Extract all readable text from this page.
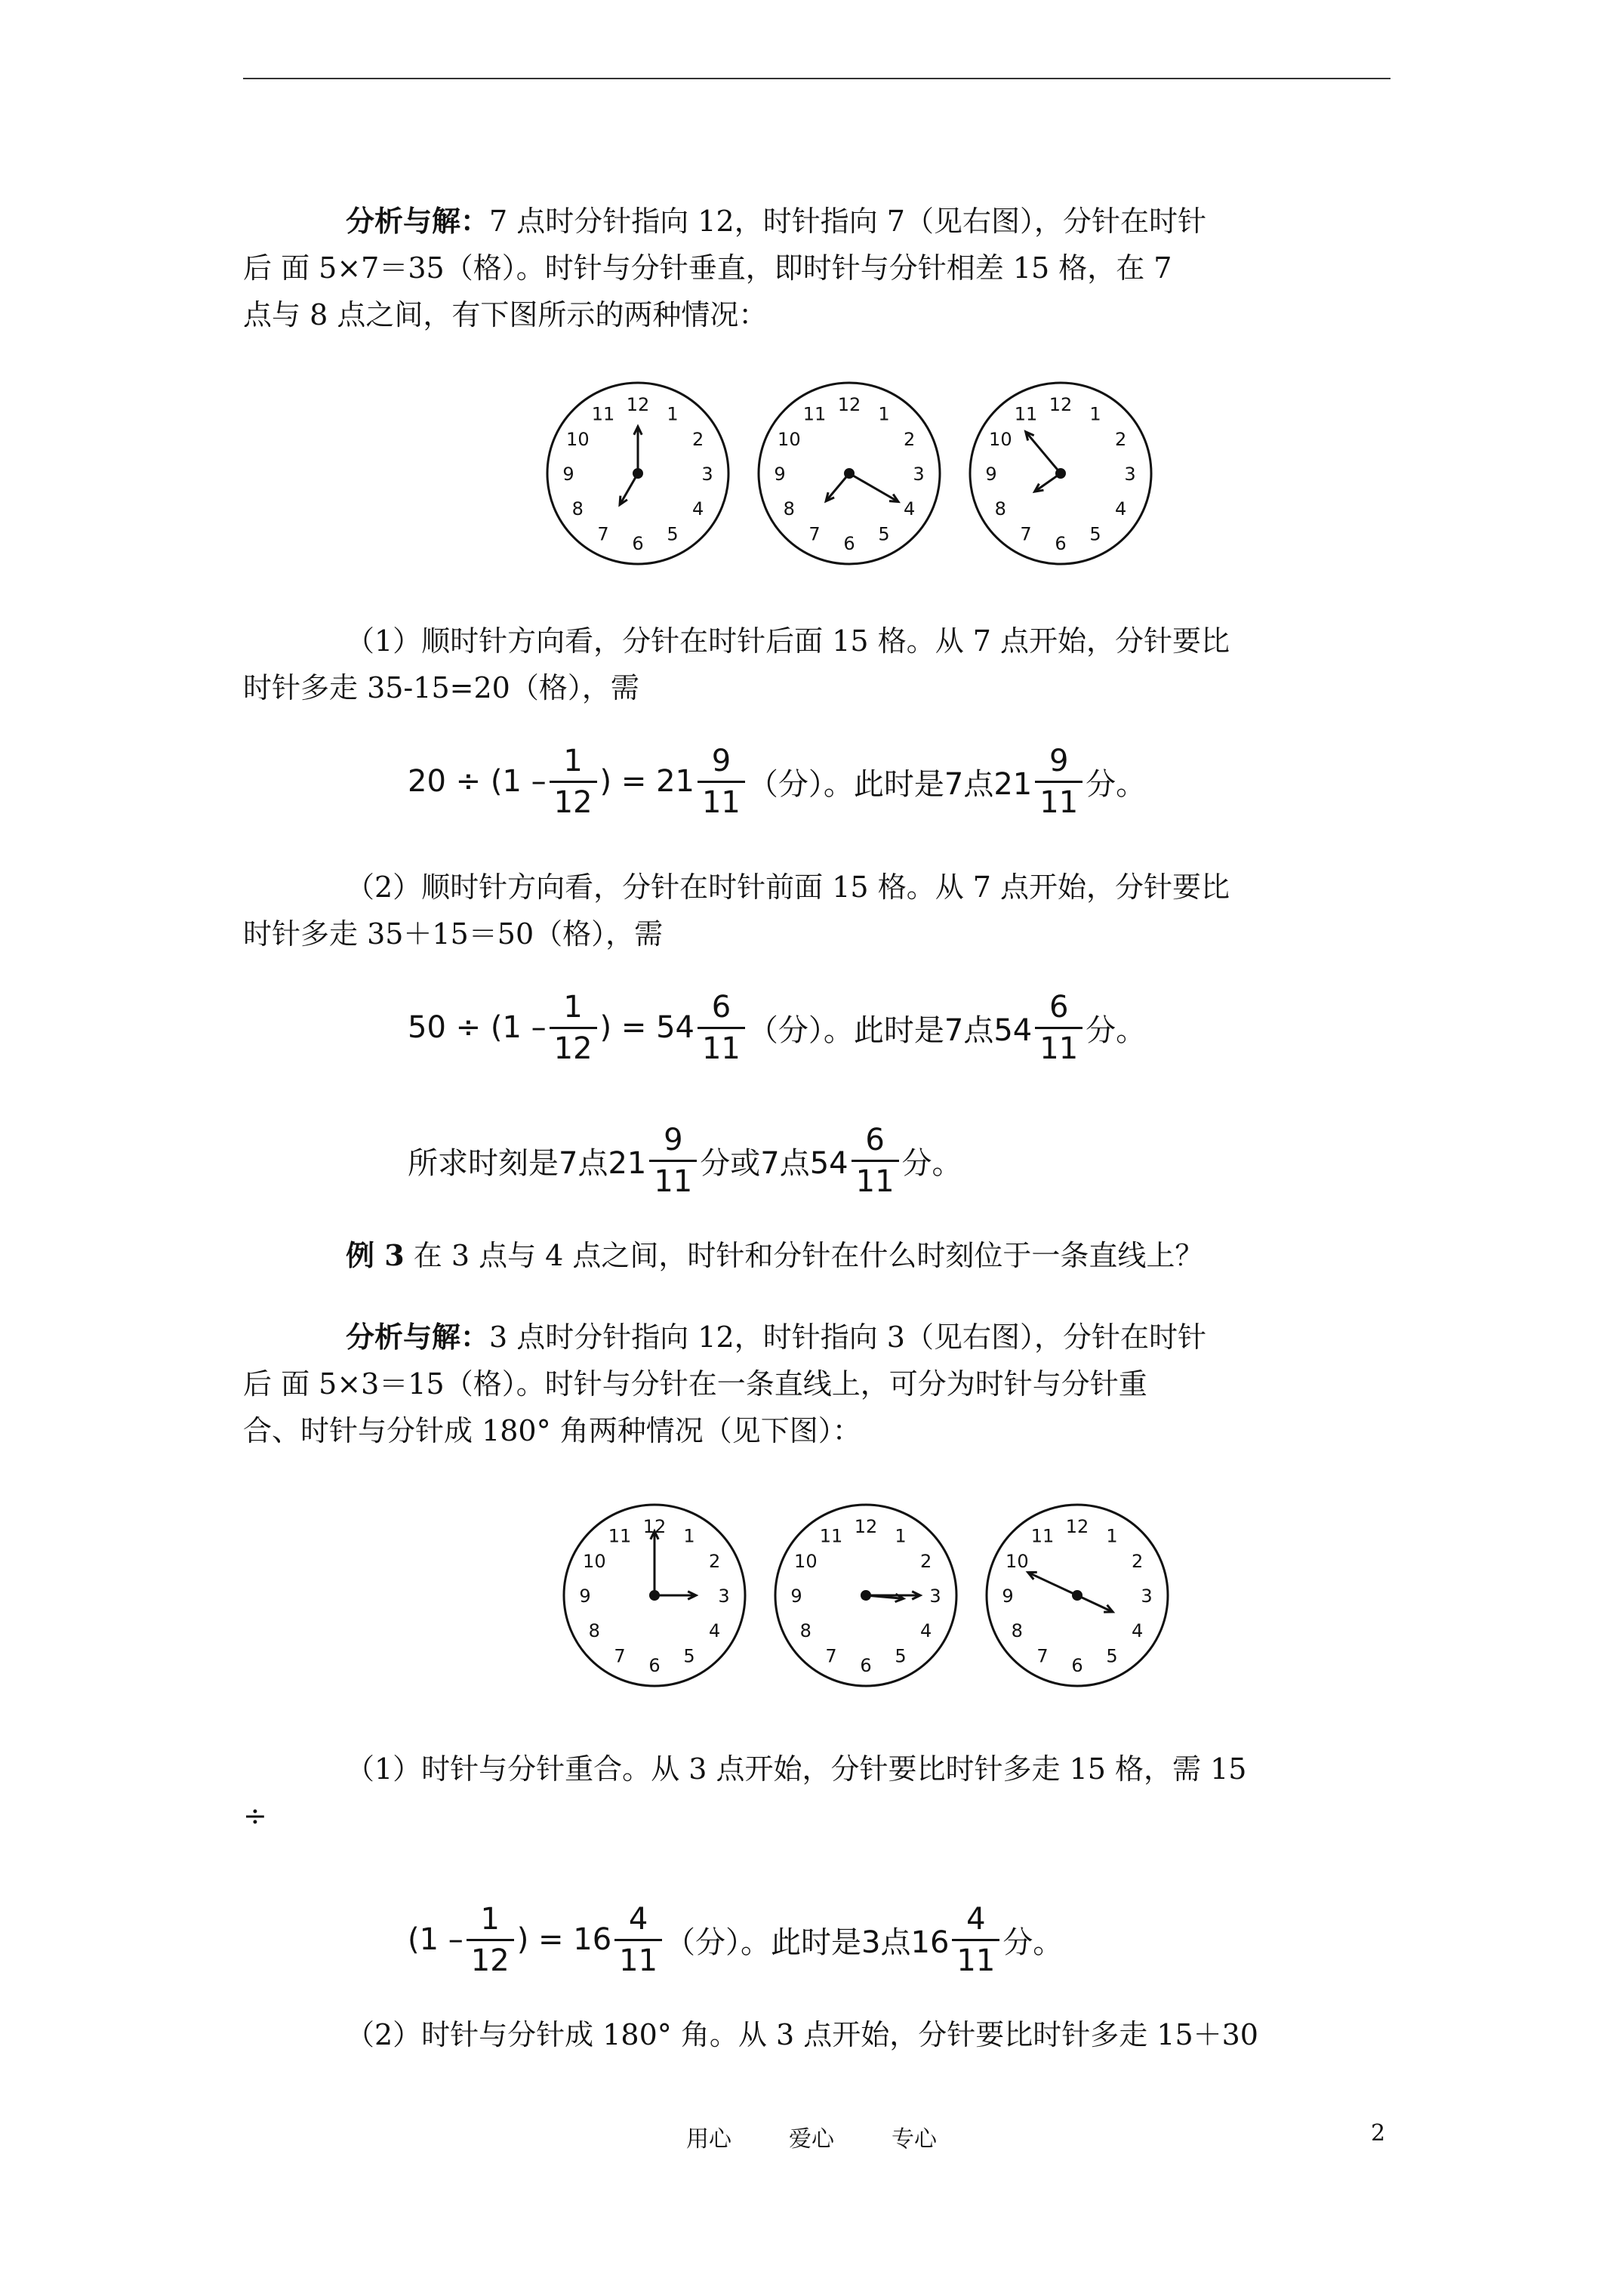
分析与解：7 点时分针指向 12，时针指向 7（见右图），分针在时针
后 面 5×7＝35（格）。时针与分针垂直，即时针与分针相差 15 格，在 7
点与 8 点之间，有下图所示的两种情况：

12 1
2
3
4
5
6
7
8
9
10
11	12 1
2
3
4
5
6
7
8
9
10
11	12 1
2
3
4
5
6
7
8
9
10
11

（1）顺时针方向看，分针在时针后面 15 格。从 7 点开始，分针要比
时针多走 35-15=20（格），需

$20 \div (1 - \frac{1}{12}$ ) = $21 \frac{9}{11}$ （分）。此时是7点$21 \frac{9}{11}$ 分。

（2）顺时针方向看，分针在时针前面 15 格。从 7 点开始，分针要比
时针多走 35＋15＝50（格），需

$50 \div (1 - \frac{1}{12}$ ) = $54 \frac{6}{11}$ （分）。此时是7点$54 \frac{6}{11}$ 分。
所求时刻是7点$21 \frac{9}{11}$ 分或7点$54 \frac{6}{11}$ 分。

例 3 在 3 点与 4 点之间，时针和分针在什么时刻位于一条直线上？

分析与解：3 点时分针指向 12，时针指向 3（见右图），分针在时针
后 面 5×3＝15（格）。时针与分针在一条直线上，可分为时针与分针重
合、时针与分针成 180° 角两种情况（见下图）：

12 1
2
3
4
5
6
7
8
9
10
11	12 1
2
3
4
5
6
7
8
9
10
11	12 1
2
3
4
5
6
7
8
9
10
11

（1）时针与分针重合。从 3 点开始，分针要比时针多走 15 格，需 15
÷

($1 - \frac{1}{12}$ ) = $16 \frac{4}{11}$ （分）。此时是3点$16 \frac{4}{11}$ 分。

（2）时针与分针成 180° 角。从 3 点开始，分针要比时针多走 15＋30

用心	爱心	专心	2
